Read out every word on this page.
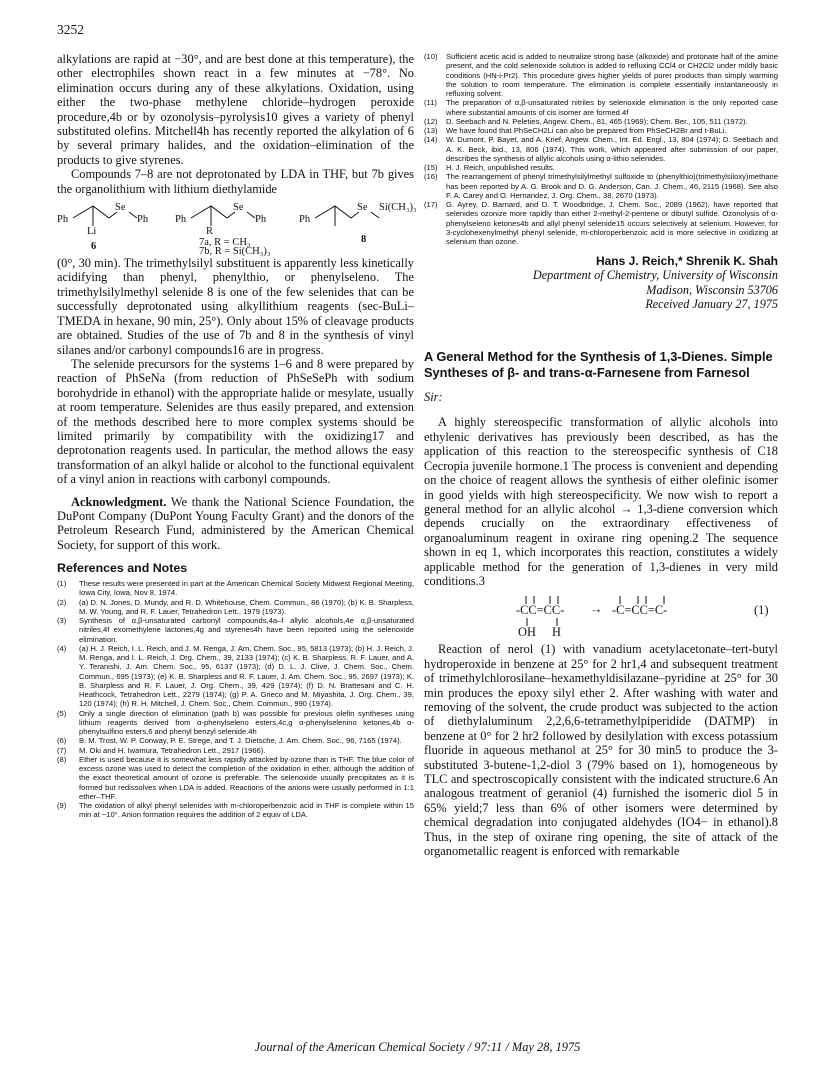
3252

alkylations are rapid at −30°, and are best done at this temperature), the other electrophiles shown react in a few minutes at −78°. No elimination occurs during any of these alkylations. Oxidation, using either the two-phase methylene chloride–hydrogen peroxide procedure,4b or by ozonolysis–pyrolysis10 gives a variety of phenyl substituted olefins. Mitchell4h has recently reported the alkylation of 6 by several primary halides, and the oxidation–elimination of the products to give styrenes.

Compounds 7–8 are not deprotonated by LDA in THF, but 7b gives the organolithium with lithium diethylamide

Ph
Se
Ph
Li
6
Ph
Se
Ph
R
7a, R = CH₃
7b, R = Si(CH₃)₃
Ph
Se Si(CH₃)₃
8

(0°, 30 min). The trimethylsilyl substituent is apparently less kinetically acidifying than phenyl, phenylthio, or phenylseleno. The trimethylsilylmethyl selenide 8 is one of the few selenides that can be successfully deprotonated using alkyllithium reagents (sec-BuLi–TMEDA in hexane, 90 min, 25°). Only about 15% of cleavage products are obtained. Studies of the use of 7b and 8 in the synthesis of vinyl silanes and/or carbonyl compounds16 are in progress.

The selenide precursors for the systems 1–6 and 8 were prepared by reaction of PhSeNa (from reduction of PhSeSePh with sodium borohydride in ethanol) with the appropriate halide or mesylate, usually at room temperature. Selenides are thus easily prepared, and extension of the methods described here to more complex systems should be limited primarily by compatibility with the oxidizing17 and deprotonation reagents used. In particular, the method allows the easy transformation of an alkyl halide or alcohol to the functional equivalent of a vinyl anion in reactions with carbonyl compounds.

Acknowledgment. We thank the National Science Foundation, the DuPont Company (DuPont Young Faculty Grant) and the donors of the Petroleum Research Fund, administered by the American Chemical Society, for support of this work.

References and Notes

(1)	These results were presented in part at the American Chemical Society Midwest Regional Meeting, Iowa City, Iowa, Nov 8, 1974.
(2)	(a) D. N. Jones, D. Mundy, and R. D. Whitehouse, Chem. Commun., 86 (1970); (b) K. B. Sharpless, M. W. Young, and R. F. Lauer, Tetrahedron Lett., 1979 (1973).
(3)	Synthesis of α,β-unsaturated carbonyl compounds,4a–f allylic alcohols,4e α,β-unsaturated nitriles,4f exomethylene lactones,4g and styrenes4h have been reported using the selenoxide elimination.
(4)	(a) H. J. Reich, I. L. Reich, and J. M. Renga, J. Am. Chem. Soc., 95, 5813 (1973); (b) H. J. Reich, J. M. Renga, and I. L. Reich, J. Org. Chem., 39, 2133 (1974); (c) K. B. Sharpless, R. F. Lauer, and A. Y. Teranishi, J. Am. Chem. Soc., 95, 6137 (1973); (d) D. L. J. Clive, J. Chem. Soc., Chem. Commun., 695 (1973); (e) K. B. Sharpless and R. F. Lauer, J. Am. Chem. Soc., 95, 2697 (1973); K. B. Sharpless and R. F. Lauer, J. Org. Chem., 39, 429 (1974); (f) D. N. Brattesani and C. H. Heathcock, Tetrahedron Lett., 2279 (1974); (g) P. A. Grieco and M. Miyashita, J. Org. Chem., 39, 120 (1974); (h) R. H. Mitchell, J. Chem. Soc., Chem. Commun., 990 (1974).
(5)	Only a single direction of elimination (path b) was possible for previous olefin syntheses using lithium reagents derived from α-phenylseleno esters,4c,g α-phenylselenino ketones,4b α-phenylsulfino esters,6 and phenyl benzyl selenide.4h
(6)	B. M. Trost, W. P. Conway, P. E. Strege, and T. J. Dietsche, J. Am. Chem. Soc., 96, 7165 (1974).
(7)	M. Oki and H. Iwamura, Tetrahedron Lett., 2917 (1966).
(8)	Ether is used because it is somewhat less rapidly attacked by ozone than is THF. The blue color of excess ozone was used to detect the completion of the oxidation in ether, although the addition of the exact theoretical amount of ozone is preferable. The selenoxide usually precipitates as it is formed but redissolves when LDA is added. Reactions of the anions were usually performed in 1:1 ether–THF.
(9)	The oxidation of alkyl phenyl selenides with m-chloroperbenzoic acid in THF is complete within 15 min at −10°. Anion formation requires the addition of 2 equiv of LDA.
(10)	Sufficient acetic acid is added to neutralize strong base (alkoxide) and protonate half of the amine present, and the cold selenoxide solution is added to refluxing CCl4 or CH2Cl2 under mildly basic conditions (HN-i-Pr2). This procedure gives higher yields of purer products than simply warming the solution to room temperature. The elimination is complete essentially instantaneously in refluxing solvent.
(11)	The preparation of α,β-unsaturated nitriles by selenoxide elimination is the only reported case where substantial amounts of cis isomer are formed.4f
(12)	D. Seebach and N. Peleties, Angew. Chem., 81, 465 (1969); Chem. Ber., 105, 511 (1972).
(13)	We have found that PhSeCH2Li can also be prepared from PhSeCH2Br and t-BuLi.
(14)	W. Dumont, P. Bayet, and A. Krief, Angew. Chem., Int. Ed. Engl., 13, 804 (1974); D. Seebach and A. K. Beck, ibid., 13, 806 (1974). This work, which appeared after submission of our paper, describes the synthesis of allylic alcohols using α-lithio selenides.
(15)	H. J. Reich, unpublished results.
(16)	The rearrangement of phenyl trimethylsilylmethyl sulfoxide to (phenylthio)(trimethylsiloxy)methane has been reported by A. G. Brook and D. G. Anderson, Can. J. Chem., 46, 2115 (1968). See also F. A. Carey and O. Hernandez, J. Org. Chem., 38, 2670 (1973).
(17)	G. Ayrey, D. Barnard, and D. T. Woodbridge, J. Chem. Soc., 2089 (1962), have reported that selenides ozonize more rapidly than either 2-methyl-2-pentene or dibutyl sulfide. Ozonolysis of α-phenylseleno ketones4b and allyl phenyl selenide15 occurs selectively at selenium. However, for 3-cyclohexenylmethyl phenyl selenide, m-chloroperbenzoic acid is more selective in oxidizing at selenium than ozone.

Hans J. Reich,* Shrenik K. Shah

Department of Chemistry, University of Wisconsin

Madison, Wisconsin 53706

Received January 27, 1975

A General Method for the Synthesis of 1,3-Dienes. Simple Syntheses of β- and trans-α-Farnesene from Farnesol

Sir:

A highly stereospecific transformation of allylic alcohols into ethylenic derivatives has previously been described, as has the application of this reaction to the stereospecific synthesis of C18 Cecropia juvenile hormone.1 The process is convenient and depending on the choice of reagent allows the synthesis of either olefinic isomer in good yields with high stereospecificity. We now wish to report a general method for an allylic alcohol → 1,3-diene conversion which depends crucially on the extraordinary effectiveness of organoaluminum reagent in oxirane ring opening.2 The sequence shown in eq 1, which incorporates this reaction, constitutes a widely applicable method for the generation of 1,3-dienes in very mild conditions.3

-CC=CC- → -C=CC=C-
OH H
(1)

Reaction of nerol (1) with vanadium acetylacetonate–tert-butyl hydroperoxide in benzene at 25° for 2 hr1,4 and subsequent treatment of trimethylchlorosilane–hexamethyldisilazane–pyridine at 25° for 30 min produces the epoxy silyl ether 2. After washing with water and removing of the solvent, the crude product was subjected to the action of diethylaluminum 2,2,6,6-tetramethylpiperidide (DATMP) in benzene at 0° for 2 hr2 followed by desilylation with excess potassium fluoride in aqueous methanol at 25° for 30 min5 to produce the 3-substituted 3-butene-1,2-diol 3 (79% based on 1), homogeneous by TLC and spectroscopically consistent with the indicated structure.6 An analogous treatment of geraniol (4) furnished the isomeric diol 5 in 65% yield;7 less than 6% of other isomers were determined by chemical degradation into conjugated aldehydes (IO4− in ethanol).8 Thus, in the step of oxirane ring opening, the site of attack of the organometallic reagent is enforced with remarkable

Journal of the American Chemical Society / 97:11 / May 28, 1975
